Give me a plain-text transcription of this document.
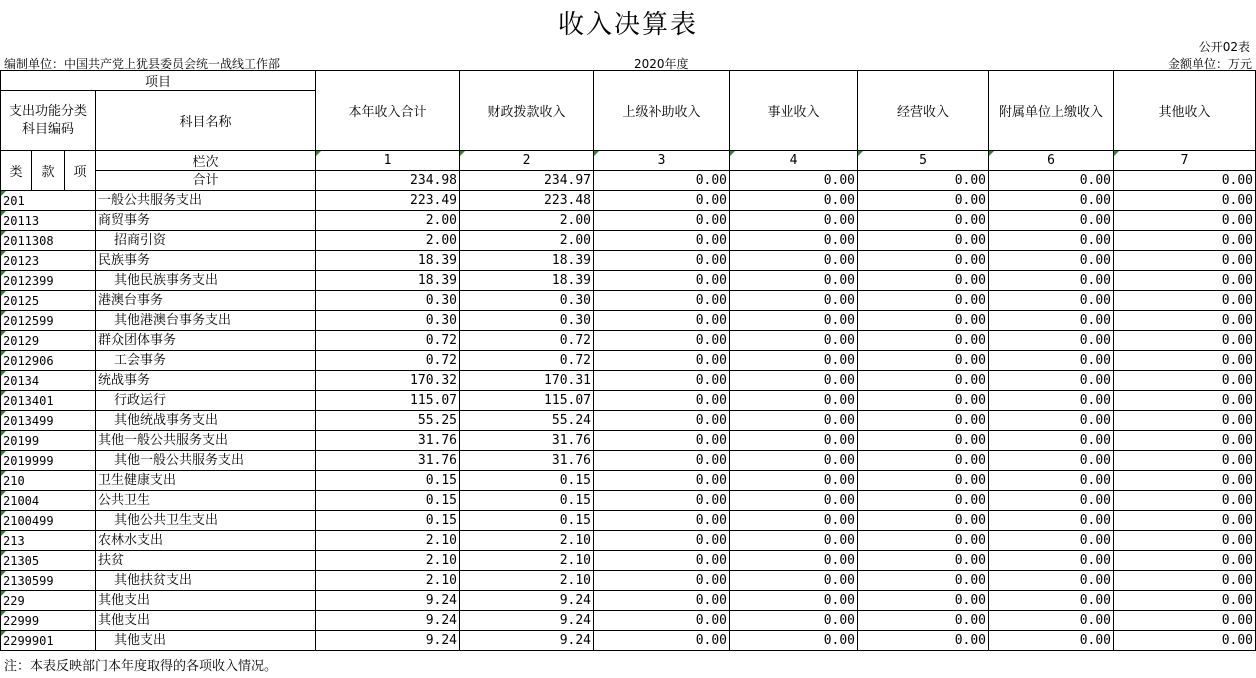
收入决算表
公开02表
编制单位：中国共产党上犹县委员会统一战线工作部	2020年度	金额单位：万元
项目				本年收入合计	财政拨款收入	上级补助收入	事业收入	经营收入	附属单位上缴收入	其他收入
支出功能分类科目编码			科目名称							

类	款	项	栏次	1	2	3	4	5	6	7
			合计	234.98	234.97	0.00	0.00	0.00	0.00	0.00
201			一般公共服务支出	223.49	223.48	0.00	0.00	0.00	0.00	0.00
20113			商贸事务	2.00	2.00	0.00	0.00	0.00	0.00	0.00
2011308			招商引资	2.00	2.00	0.00	0.00	0.00	0.00	0.00
20123			民族事务	18.39	18.39	0.00	0.00	0.00	0.00	0.00
2012399			其他民族事务支出	18.39	18.39	0.00	0.00	0.00	0.00	0.00
20125			港澳台事务	0.30	0.30	0.00	0.00	0.00	0.00	0.00
2012599			其他港澳台事务支出	0.30	0.30	0.00	0.00	0.00	0.00	0.00
20129			群众团体事务	0.72	0.72	0.00	0.00	0.00	0.00	0.00
2012906			工会事务	0.72	0.72	0.00	0.00	0.00	0.00	0.00
20134			统战事务	170.32	170.31	0.00	0.00	0.00	0.00	0.00
2013401			行政运行	115.07	115.07	0.00	0.00	0.00	0.00	0.00
2013499			其他统战事务支出	55.25	55.24	0.00	0.00	0.00	0.00	0.00
20199			其他一般公共服务支出	31.76	31.76	0.00	0.00	0.00	0.00	0.00
2019999			其他一般公共服务支出	31.76	31.76	0.00	0.00	0.00	0.00	0.00
210			卫生健康支出	0.15	0.15	0.00	0.00	0.00	0.00	0.00
21004			公共卫生	0.15	0.15	0.00	0.00	0.00	0.00	0.00
2100499			其他公共卫生支出	0.15	0.15	0.00	0.00	0.00	0.00	0.00
213			农林水支出	2.10	2.10	0.00	0.00	0.00	0.00	0.00
21305			扶贫	2.10	2.10	0.00	0.00	0.00	0.00	0.00
2130599			其他扶贫支出	2.10	2.10	0.00	0.00	0.00	0.00	0.00
229			其他支出	9.24	9.24	0.00	0.00	0.00	0.00	0.00
22999			其他支出	9.24	9.24	0.00	0.00	0.00	0.00	0.00
2299901			其他支出	9.24	9.24	0.00	0.00	0.00	0.00	0.00
注：本表反映部门本年度取得的各项收入情况。
